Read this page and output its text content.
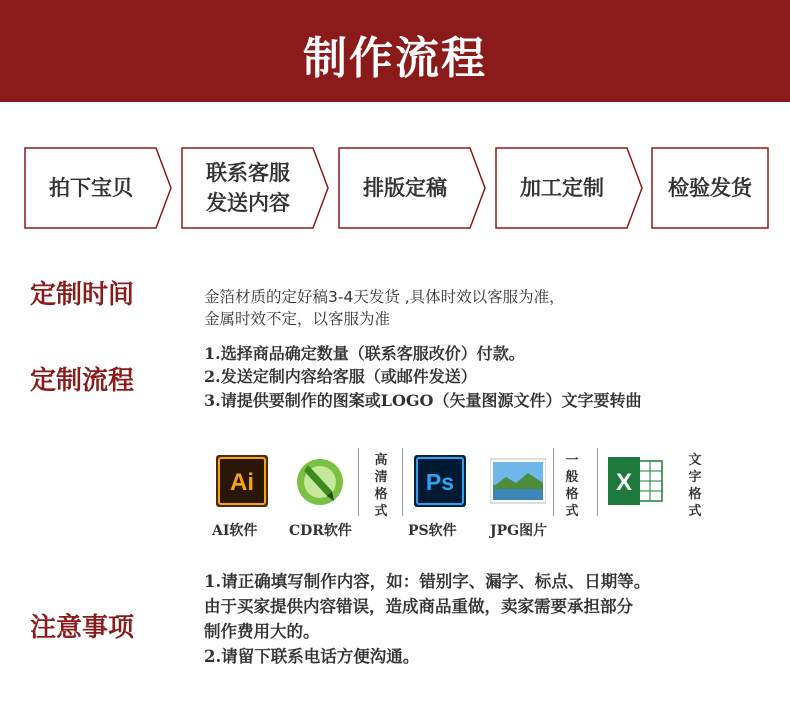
制作流程
拍下宝贝
联系客服
发送内容
排版定稿	加工定制	检验发货
定制时间	金箔材质的定好稿3-4天发货 ,具体时效以客服为准，
金属时效不定，以客服为准
定制流程
1.选择商品确定数量（联系客服改价）付款。
2.发送定制内容给客服（或邮件发送）
3.请提供要制作的图案或LOGO（矢量图源文件）文字要转曲
Ai
高清格式
Ps
一般格式
X
文字格式
AI软件 CDR软件	PS软件 JPG图片
注意事项
1.请正确填写制作内容，如：错别字、漏字、标点、日期等。
由于买家提供内容错误，造成商品重做，卖家需要承担部分
制作费用大的。
2.请留下联系电话方便沟通。
